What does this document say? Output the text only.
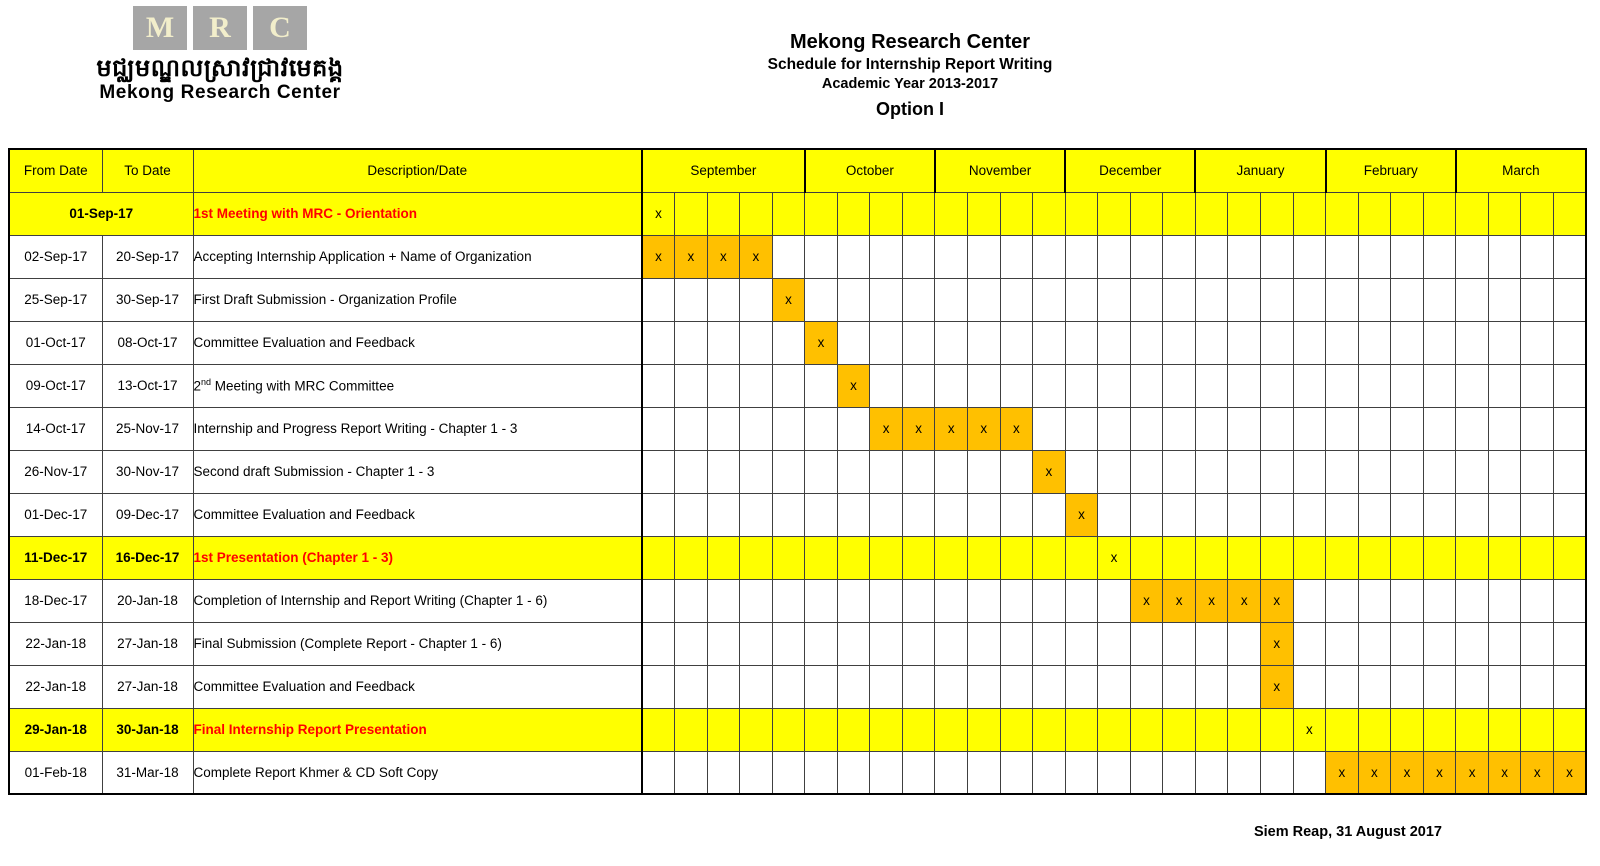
M	R	C
មជ្ឈមណ្ឌលស្រាវជ្រាវមេគង្គ
Mekong Research Center
Mekong Research Center
Schedule for Internship Report Writing
Academic Year 2013-2017
Option I
From Date	To Date	Description/Date	September					October				November				December				January				February				March			
01-Sep-17		1st Meeting with MRC - Orientation	x																												
02-Sep-17	20-Sep-17	Accepting Internship Application + Name of Organization	x	x	x	x																									
25-Sep-17	30-Sep-17	First Draft Submission - Organization Profile					x																								
01-Oct-17	08-Oct-17	Committee Evaluation and Feedback						x																							
09-Oct-17	13-Oct-17	2nd Meeting with MRC Committee							x																						
14-Oct-17	25-Nov-17	Internship and Progress Report Writing - Chapter 1 - 3								x	x	x	x	x																	
26-Nov-17	30-Nov-17	Second draft Submission - Chapter 1 - 3													x																
01-Dec-17	09-Dec-17	Committee Evaluation and Feedback														x															
11-Dec-17	16-Dec-17	1st Presentation (Chapter 1 - 3)															x														
18-Dec-17	20-Jan-18	Completion of Internship and Report Writing (Chapter 1 - 6)																x	x	x	x	x									
22-Jan-18	27-Jan-18	Final Submission (Complete Report - Chapter 1 - 6)																				x									
22-Jan-18	27-Jan-18	Committee Evaluation and Feedback																				x									
29-Jan-18	30-Jan-18	Final Internship Report Presentation																					x								
01-Feb-18	31-Mar-18	Complete Report Khmer & CD Soft Copy																						x	x	x	x	x	x	x	x
Siem Reap, 31 August 2017
